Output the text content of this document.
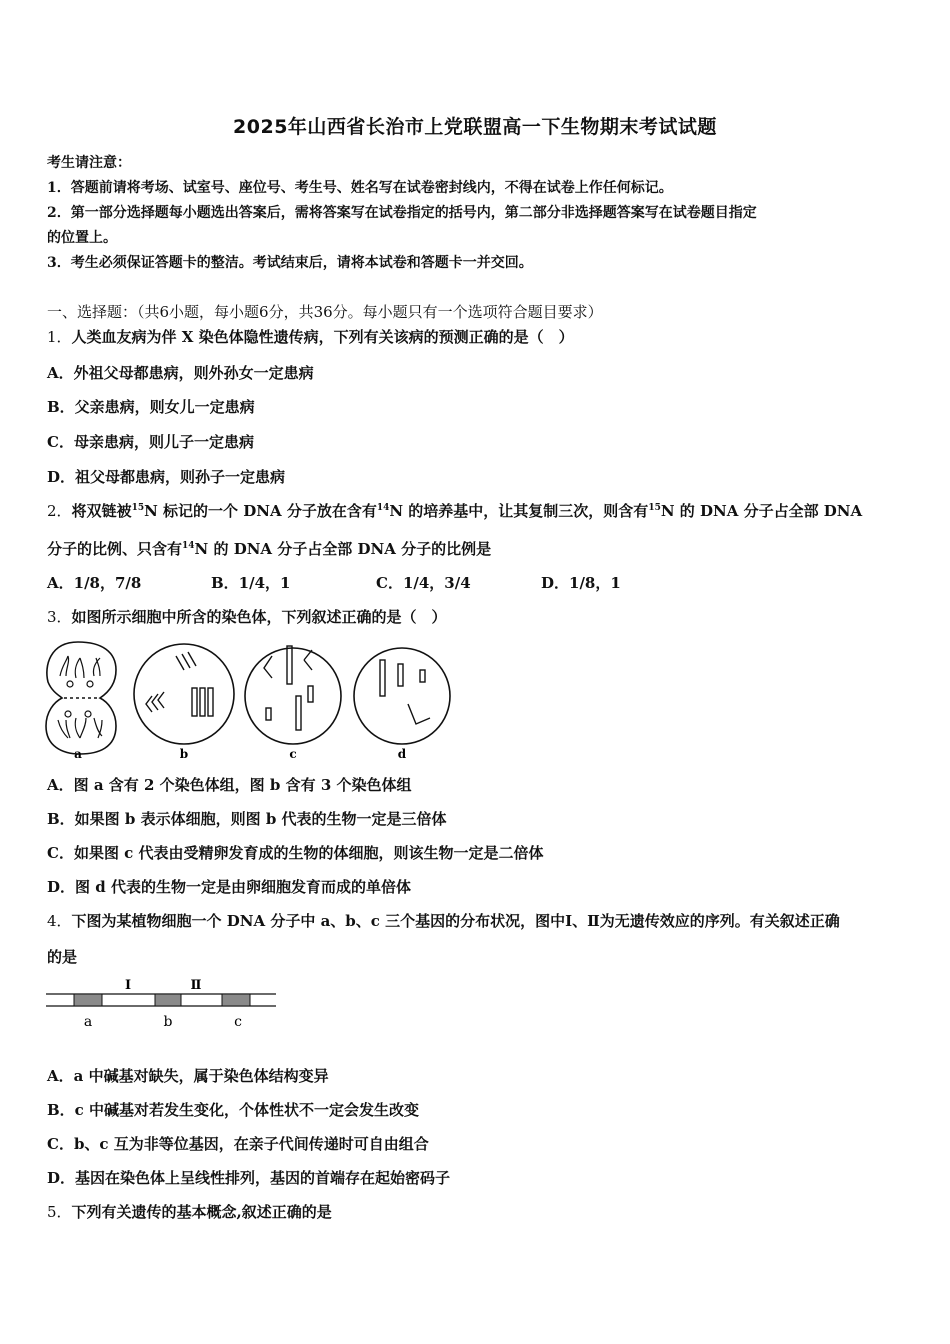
2025年山西省长治市上党联盟高一下生物期末考试试题
考生请注意：
1．答题前请将考场、试室号、座位号、考生号、姓名写在试卷密封线内，不得在试卷上作任何标记。
2．第一部分选择题每小题选出答案后，需将答案写在试卷指定的括号内，第二部分非选择题答案写在试卷题目指定
的位置上。
3．考生必须保证答题卡的整洁。考试结束后，请将本试卷和答题卡一并交回。
一、选择题：（共6小题，每小题6分，共36分。每小题只有一个选项符合题目要求）
1．人类血友病为伴 X 染色体隐性遗传病，下列有关该病的预测正确的是（　）
A．外祖父母都患病，则外孙女一定患病
B．父亲患病，则女儿一定患病
C．母亲患病，则儿子一定患病
D．祖父母都患病，则孙子一定患病
2．将双链被$^{15}$N 标记的一个 DNA 分子放在含有$^{14}$N 的培养基中，让其复制三次，则含有$^{15}$N 的 DNA 分子占全部 DNA
分子的比例、只含有$^{14}$N 的 DNA 分子占全部 DNA 分子的比例是
A．1/8，7/8	B．1/4，1	C．1/4，3/4	D．1/8，1
3．如图所示细胞中所含的染色体，下列叙述正确的是（　）
a	b	c	d
A．图 a 含有 2 个染色体组，图 b 含有 3 个染色体组
B．如果图 b 表示体细胞，则图 b 代表的生物一定是三倍体
C．如果图 c 代表由受精卵发育成的生物的体细胞，则该生物一定是二倍体
D．图 d 代表的生物一定是由卵细胞发育而成的单倍体
4．下图为某植物细胞一个 DNA 分子中 a、b、c 三个基因的分布状况，图中Ⅰ、Ⅱ为无遗传效应的序列。有关叙述正确
的是
Ⅰ	Ⅱ
a	b	c
A．a 中碱基对缺失，属于染色体结构变异
B．c 中碱基对若发生变化，个体性状不一定会发生改变
C．b、c 互为非等位基因，在亲子代间传递时可自由组合
D．基因在染色体上呈线性排列，基因的首端存在起始密码子
5．下列有关遗传的基本概念,叙述正确的是
